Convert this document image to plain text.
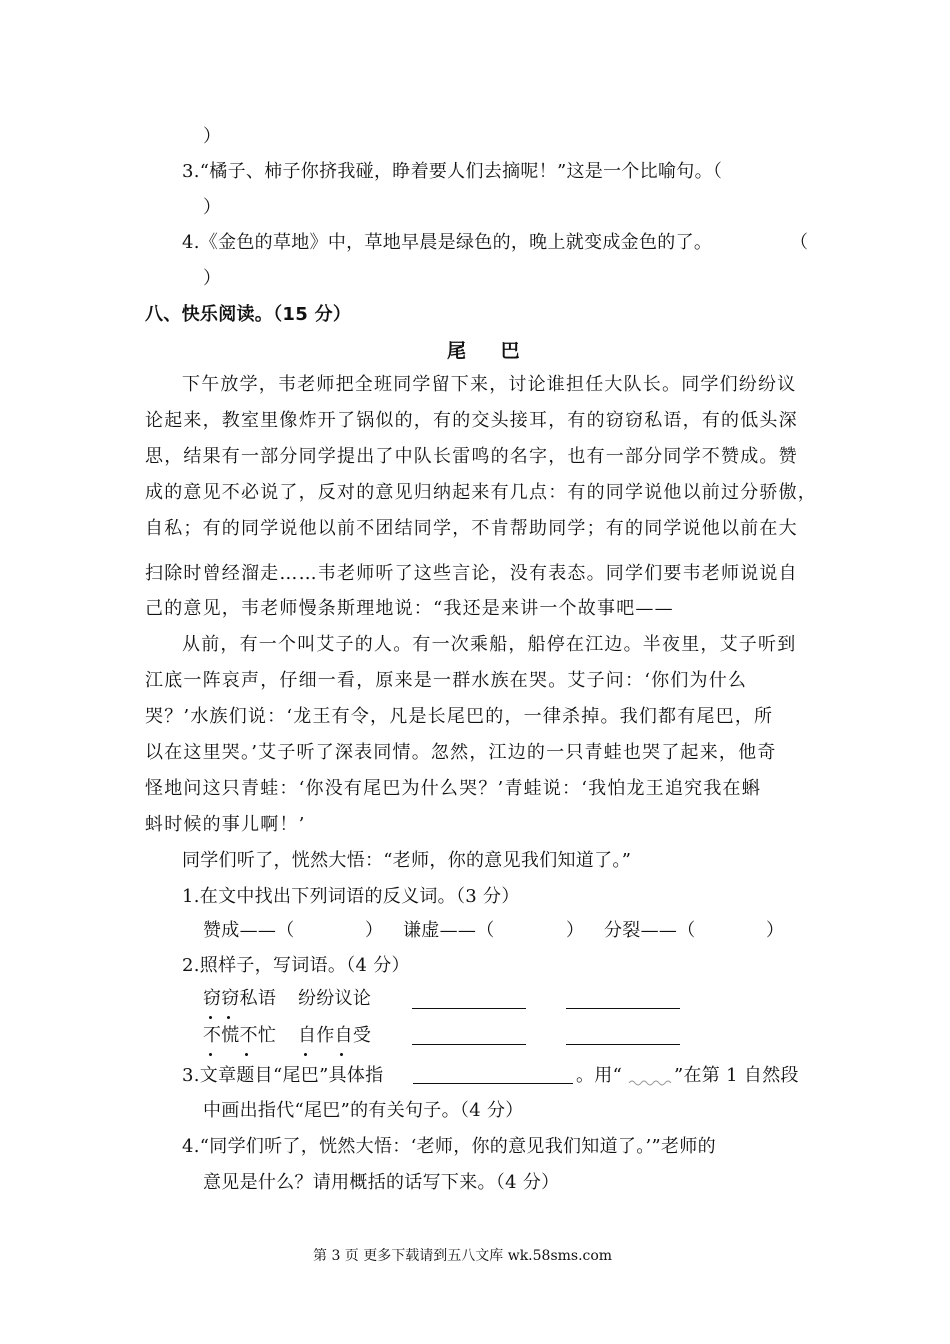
）
3.“橘子、柿子你挤我碰，睁着要人们去摘呢！”这是一个比喻句。（
）
4.《金色的草地》中，草地早晨是绿色的，晚上就变成金色的了。	（
）
八、快乐阅读。（15 分）
尾 巴
下午放学，韦老师把全班同学留下来，讨论谁担任大队长。同学们纷纷议
论起来，教室里像炸开了锅似的，有的交头接耳，有的窃窃私语，有的低头深
思，结果有一部分同学提出了中队长雷鸣的名字，也有一部分同学不赞成。赞
成的意见不必说了，反对的意见归纳起来有几点：有的同学说他以前过分骄傲，
自私；有的同学说他以前不团结同学，不肯帮助同学；有的同学说他以前在大
扫除时曾经溜走……韦老师听了这些言论，没有表态。同学们要韦老师说说自
己的意见，韦老师慢条斯理地说：“我还是来讲一个故事吧——
从前，有一个叫艾子的人。有一次乘船，船停在江边。半夜里，艾子听到
江底一阵哀声，仔细一看，原来是一群水族在哭。艾子问：‘你们为什么
哭？’水族们说：‘龙王有令，凡是长尾巴的，一律杀掉。我们都有尾巴，所
以在这里哭。’艾子听了深表同情。忽然，江边的一只青蛙也哭了起来，他奇
怪地问这只青蛙：‘你没有尾巴为什么哭？’青蛙说：‘我怕龙王追究我在蝌
蚪时候的事儿啊！’
同学们听了，恍然大悟：“老师，你的意见我们知道了。”
1.在文中找出下列词语的反义词。（3 分）
赞成——（	） 谦虚——（	） 分裂——（	）
2.照样子，写词语。（4 分）
窃窃私语 纷纷议论
不慌不忙 自作自受
3.文章题目“尾巴”具体指	。用“	”在第 1 自然段
中画出指代“尾巴”的有关句子。（4 分）
4.“同学们听了，恍然大悟：‘老师，你的意见我们知道了。’”老师的
意见是什么？请用概括的话写下来。（4 分）
第 3 页 更多下载请到五八文库 wk.58sms.com
